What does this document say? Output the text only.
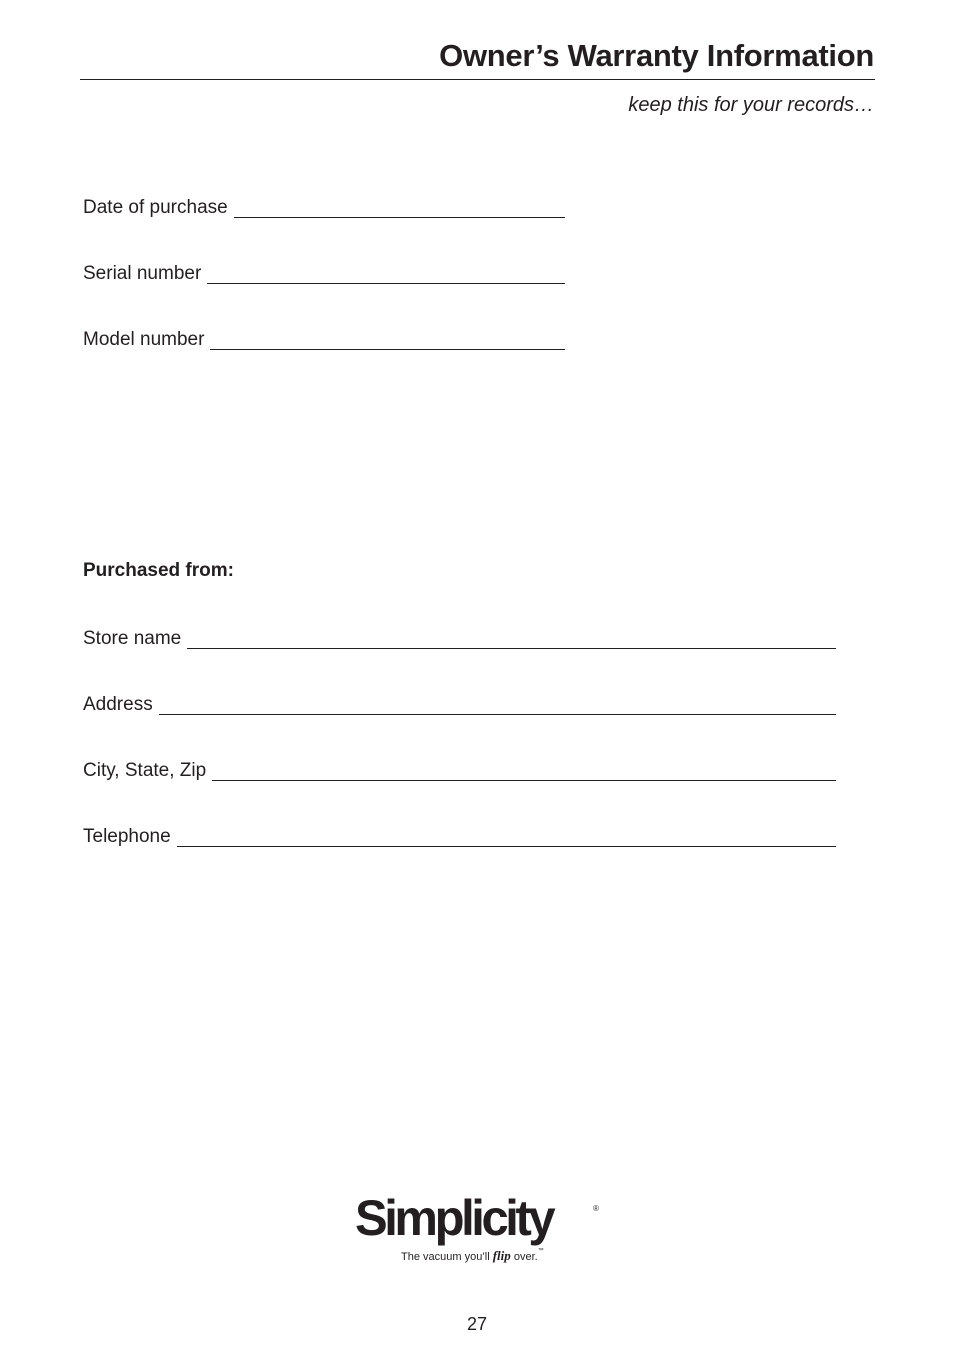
Owner’s Warranty Information
keep this for your records…
Date of purchase
Serial number
Model number
Purchased from:
Store name
Address
City, State, Zip
Telephone
Simplicity	®
The vacuum you’ll flip over.™
27
